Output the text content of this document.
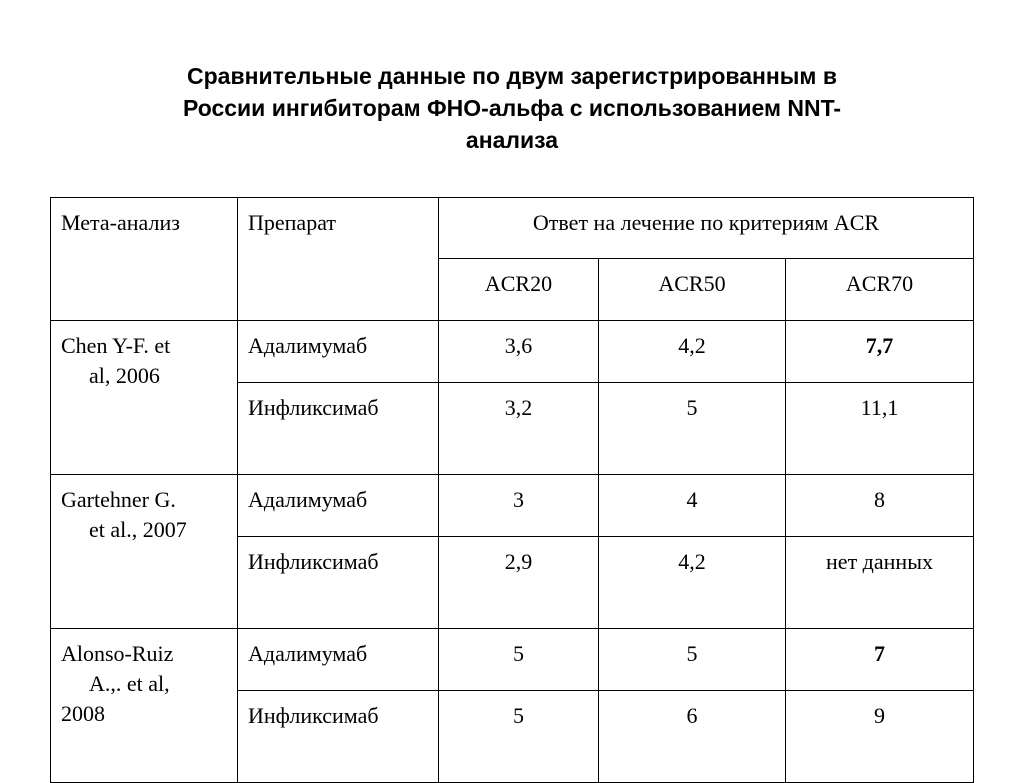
Сравнительные данные по двум зарегистрированным в
России ингибиторам ФНО-альфа с использованием NNT-
анализа
Мета-анализ	Препарат	Ответ на лечение по критериям ACR		
		ACR20	ACR50	ACR70

Chen Y-F. et
al, 2006	Адалимумаб	3,6	4,2	7,7
	Инфликсимаб	3,2	5	11,1

Gartehner G.
et al., 2007	Адалимумаб	3	4	8
	Инфликсимаб	2,9	4,2	нет данных

Alonso-Ruiz
A.,. et al,
2008	Адалимумаб	5	5	7
	Инфликсимаб	5	6	9
